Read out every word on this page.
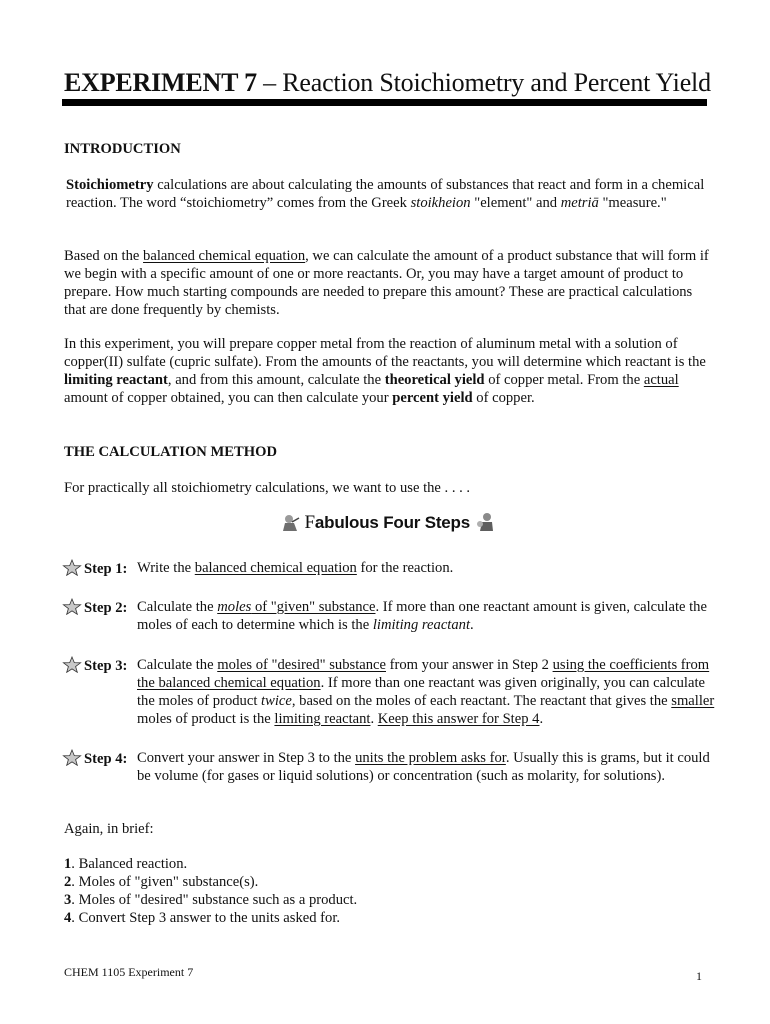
EXPERIMENT 7 – Reaction Stoichiometry and Percent Yield
INTRODUCTION

Stoichiometry calculations are about calculating the amounts of substances that react and form in a chemical reaction. The word “stoichiometry” comes from the Greek stoikheion "element" and metriā "measure."

Based on the balanced chemical equation, we can calculate the amount of a product substance that will form if we begin with a specific amount of one or more reactants. Or, you may have a target amount of product to prepare. How much starting compounds are needed to prepare this amount? These are practical calculations that are done frequently by chemists.

In this experiment, you will prepare copper metal from the reaction of aluminum metal with a solution of copper(II) sulfate (cupric sulfate). From the amounts of the reactants, you will determine which reactant is the limiting reactant, and from this amount, calculate the theoretical yield of copper metal. From the actual amount of copper obtained, you can then calculate your percent yield of copper.

THE CALCULATION METHOD

For practically all stoichiometry calculations, we want to use the . . . .

Fabulous Four Steps
Step 1: Write the balanced chemical equation for the reaction.
Step 2: Calculate the moles of "given" substance. If more than one reactant amount is given, calculate the moles of each to determine which is the limiting reactant.
Step 3: Calculate the moles of "desired" substance from your answer in Step 2 using the coefficients from the balanced chemical equation. If more than one reactant was given originally, you can calculate the moles of product twice, based on the moles of each reactant. The reactant that gives the smaller moles of product is the limiting reactant. Keep this answer for Step 4.
Step 4: Convert your answer in Step 3 to the units the problem asks for. Usually this is grams, but it could be volume (for gases or liquid solutions) or concentration (such as molarity, for solutions).

Again, in brief:

1. Balanced reaction.
2. Moles of "given" substance(s).
3. Moles of "desired" substance such as a product.
4. Convert Step 3 answer to the units asked for.
CHEM 1105 Experiment 7	1
